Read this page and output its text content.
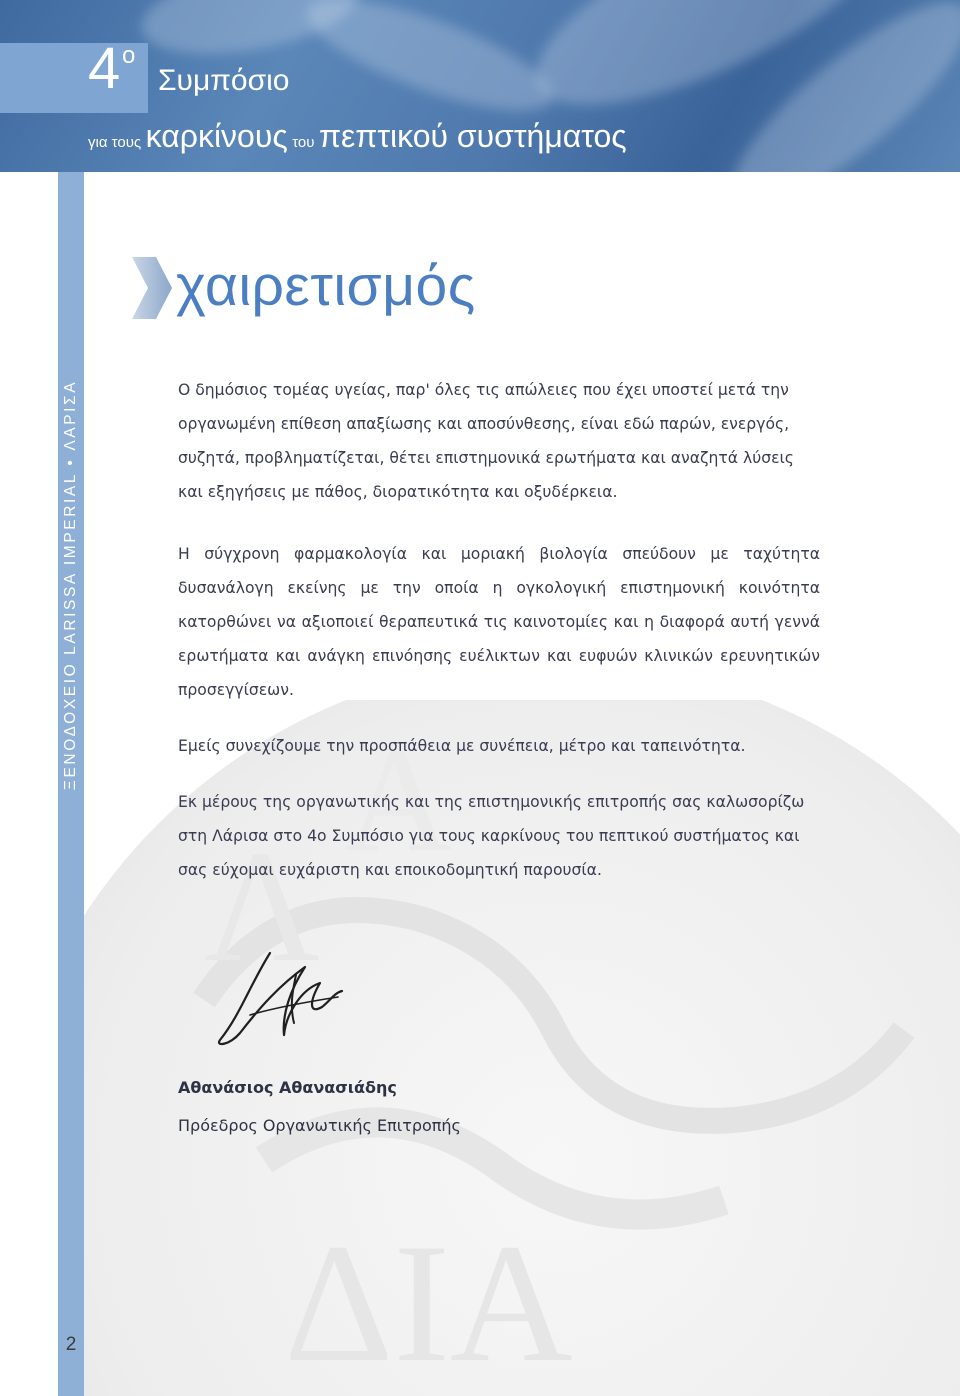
4 ο
Συμπόσιο
για τους καρκίνους του πεπτικού συστήματος
Λ
Α
ΔΙΑ
ΞΕΝΟΔΟΧΕΙΟ LARISSA IMPERIAL • ΛΑΡΙΣΑ
2
χαιρετισμός
Ο δημόσιος τομέας υγείας, παρ' όλες τις απώλειες που έχει υποστεί μετά την οργανωμένη επίθεση απαξίωσης και αποσύνθεσης, είναι εδώ παρών, ενεργός, συζητά, προβληματίζεται, θέτει επιστημονικά ερωτήματα και αναζητά λύσεις και εξηγήσεις με πάθος, διορατικότητα και οξυδέρκεια.
Η σύγχρονη φαρμακολογία και μοριακή βιολογία σπεύδουν με ταχύτητα δυσανάλογη εκείνης με την οποία η ογκολογική επιστημονική κοινότητα κατορθώνει να αξιοποιεί θεραπευτικά τις καινοτομίες και η διαφορά αυτή γεννά ερωτήματα και ανάγκη επινόησης ευέλικτων και ευφυών κλινικών ερευνητικών προσεγγίσεων.
Εμείς συνεχίζουμε την προσπάθεια με συνέπεια, μέτρο και ταπεινότητα.
Εκ μέρους της οργανωτικής και της επιστημονικής επιτροπής σας καλωσορίζω στη Λάρισα στο 4ο Συμπόσιο για τους καρκίνους του πεπτικού συστήματος και σας εύχομαι ευχάριστη και εποικοδομητική παρουσία.
Αθανάσιος Αθανασιάδης
Πρόεδρος Οργανωτικής Επιτροπής
